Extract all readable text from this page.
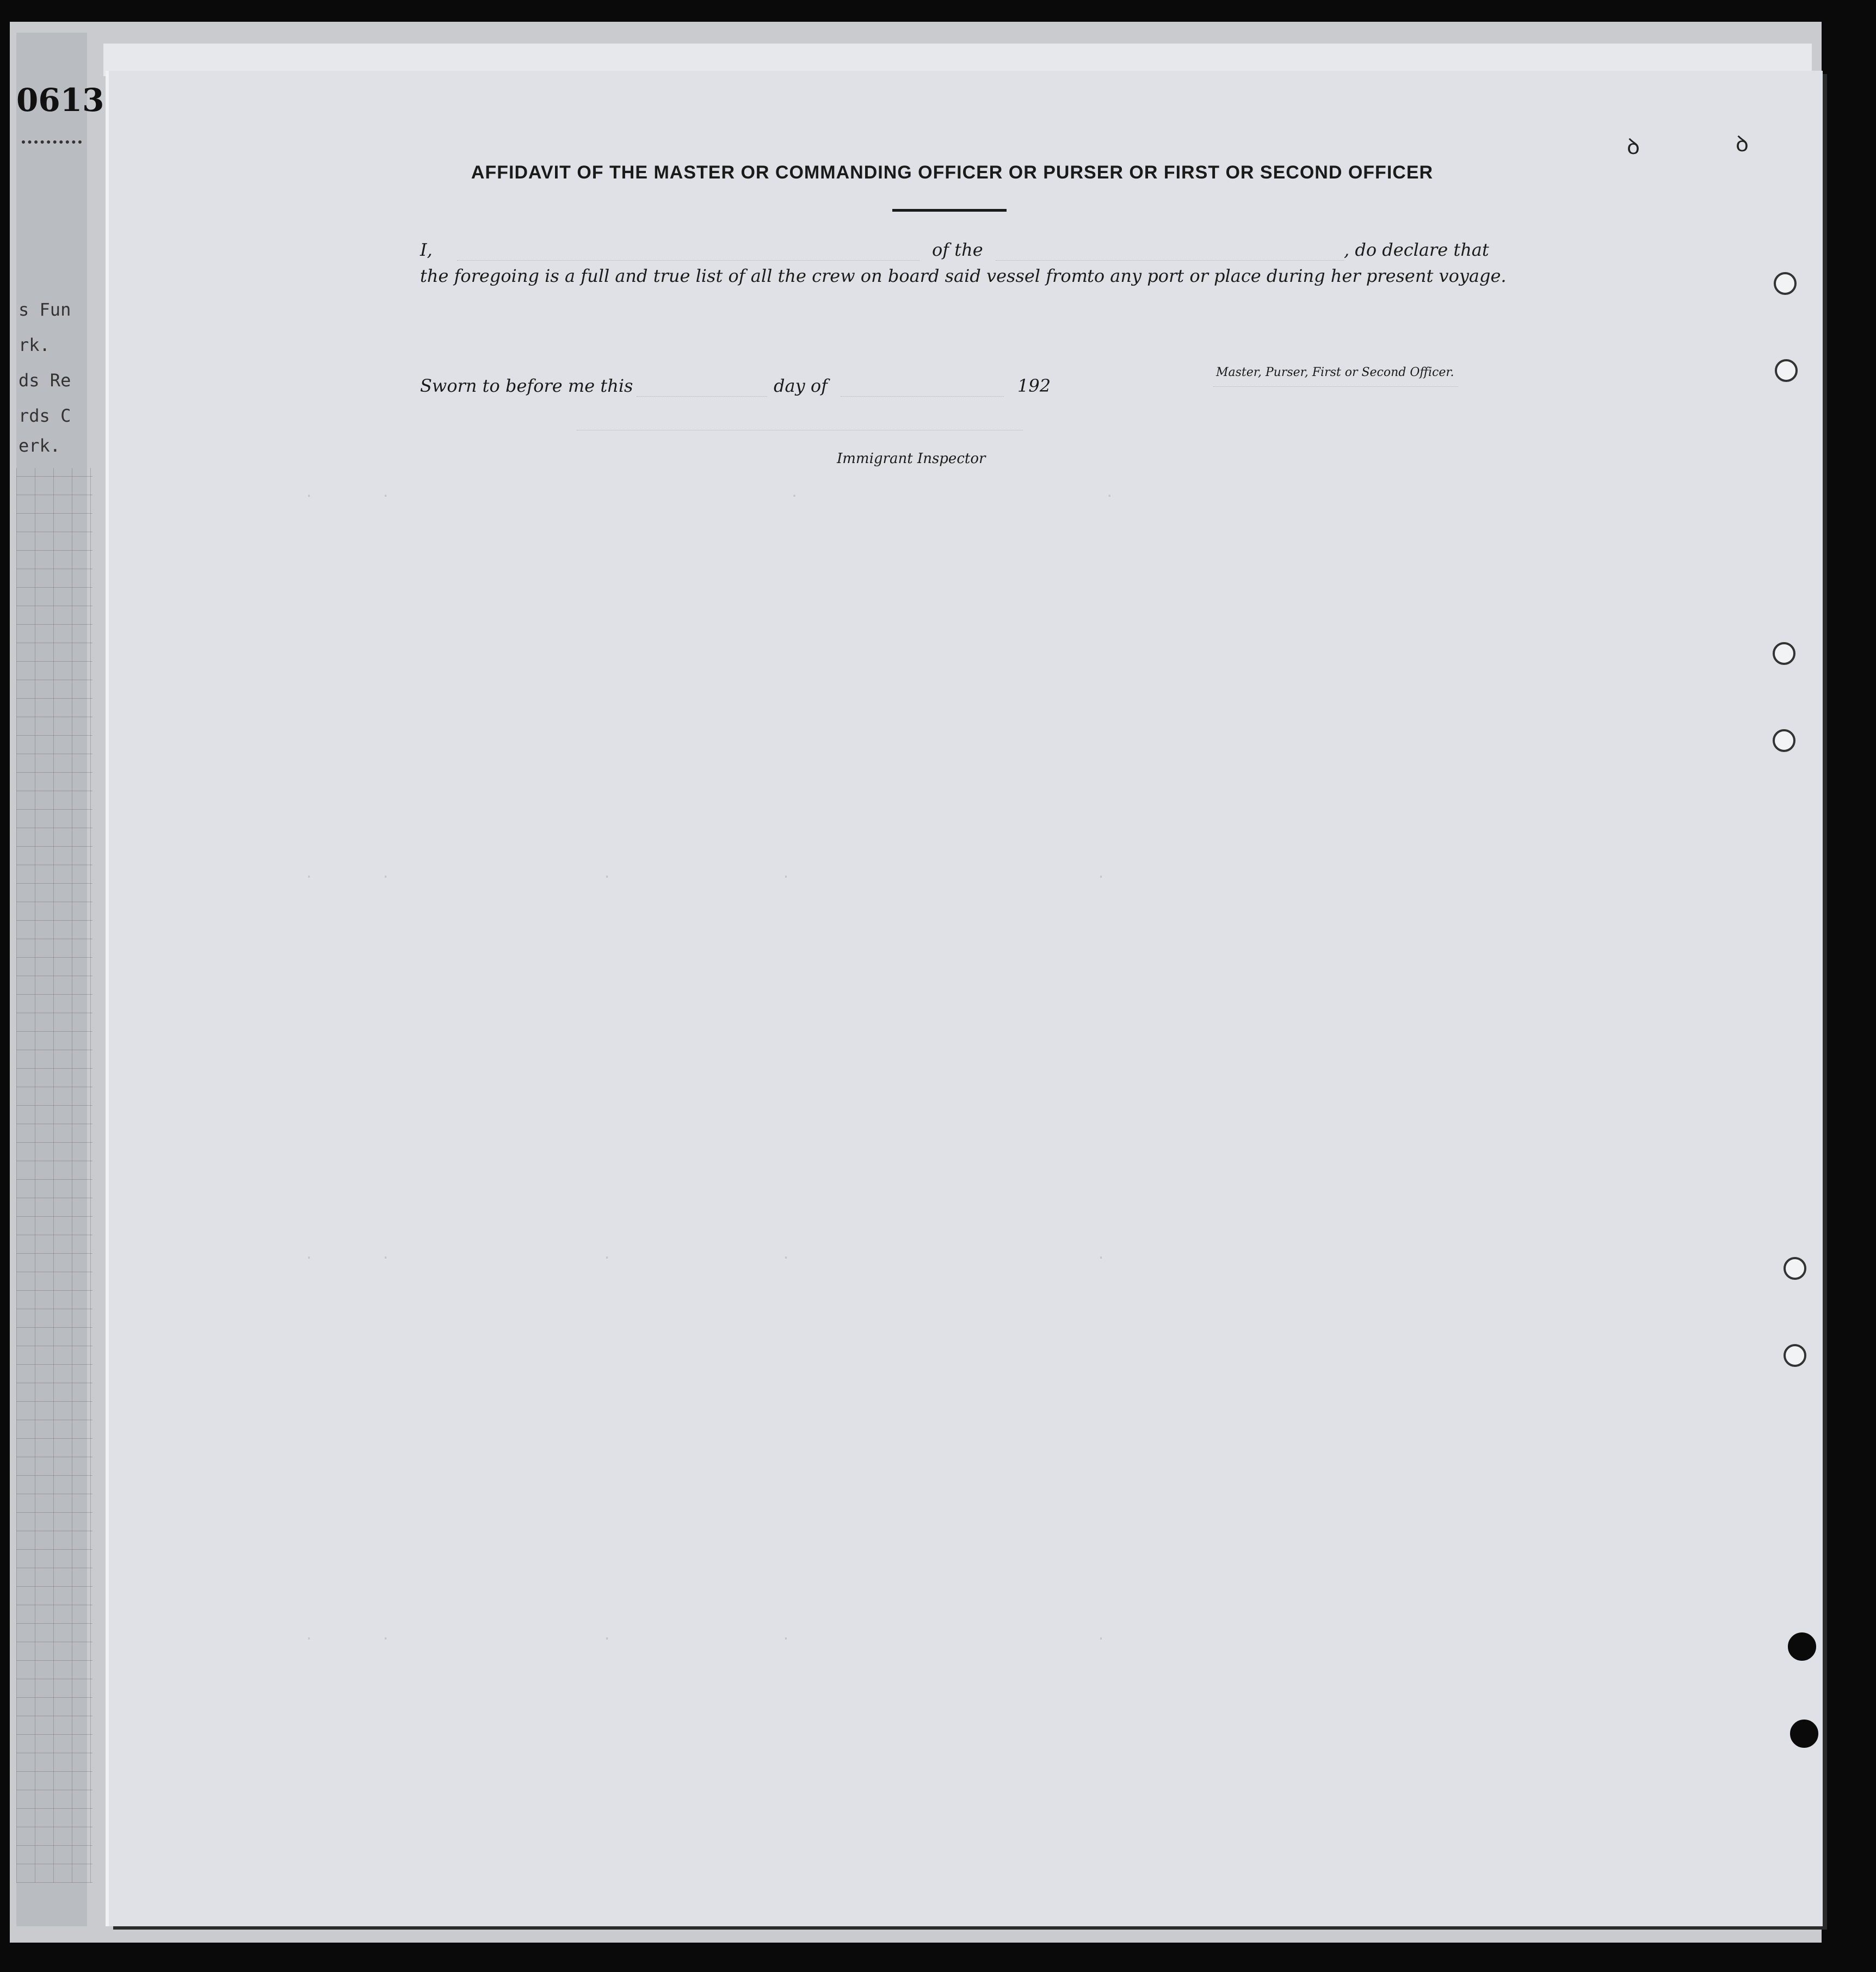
0613
s Fun
rk.
ds Re
rds C
erk.
ꝺ	ꝺ
AFFIDAVIT OF THE MASTER OR COMMANDING OFFICER OR PURSER OR FIRST OR SECOND OFFICER
I,	of the	, do declare that
the foregoing is a full and true list of all the crew on board said vessel from to any port or place during her present voyage.
Sworn to before me this	day of	192
Master, Purser, First or Second Officer.
Immigrant Inspector
.        .                                               .                                    .
.        .                         .                    .                                    .
.        .                         .                    .                                    .
.        .                         .                    .                                    .
